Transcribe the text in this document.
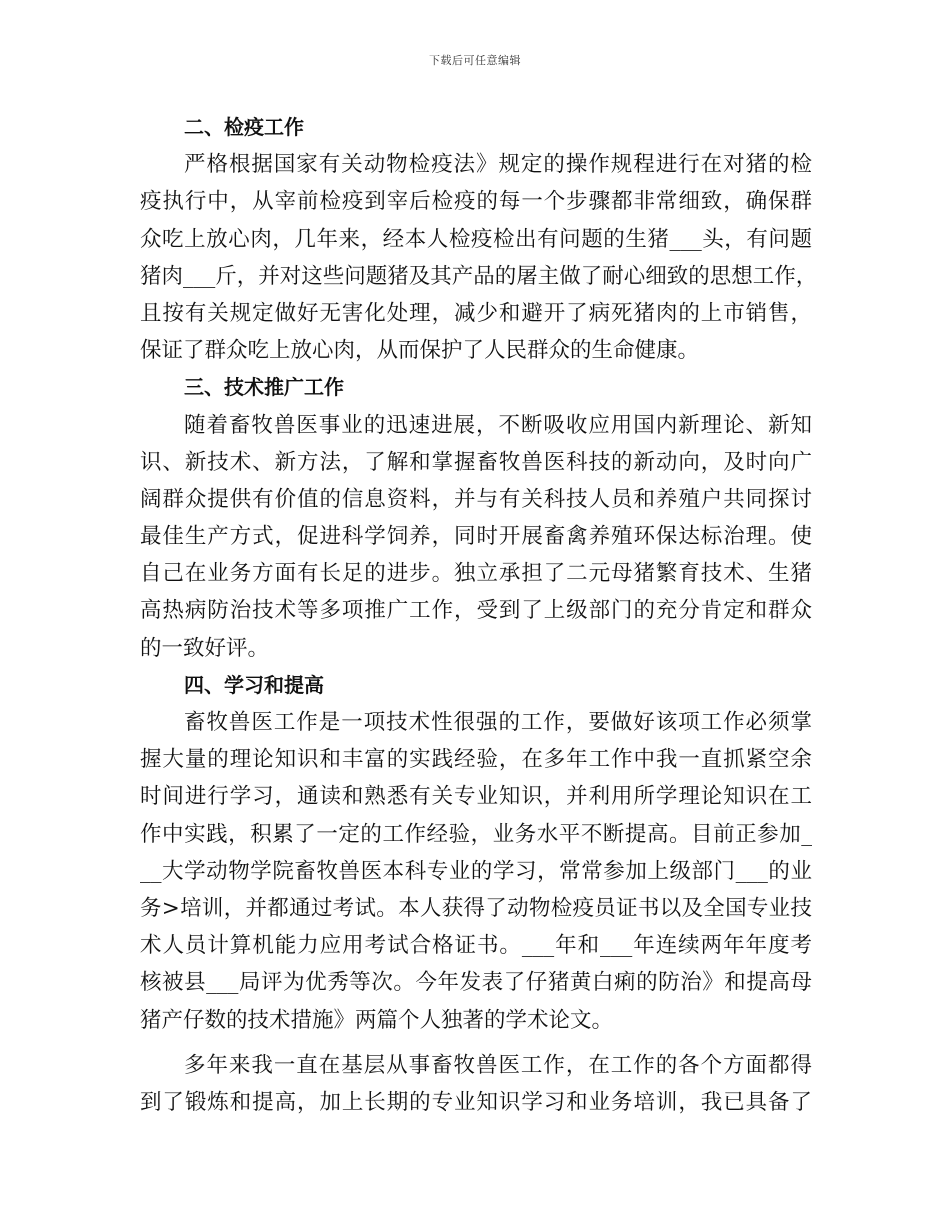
下载后可任意编辑
二、检疫工作
严格根据国家有关动物检疫法》规定的操作规程进行在对猪的检
疫执行中，从宰前检疫到宰后检疫的每一个步骤都非常细致，确保群
众吃上放心肉，几年来，经本人检疫检出有问题的生猪___头，有问题
猪肉___斤，并对这些问题猪及其产品的屠主做了耐心细致的思想工作，
且按有关规定做好无害化处理，减少和避开了病死猪肉的上市销售，
保证了群众吃上放心肉，从而保护了人民群众的生命健康。
三、技术推广工作
随着畜牧兽医事业的迅速进展，不断吸收应用国内新理论、新知
识、新技术、新方法，了解和掌握畜牧兽医科技的新动向，及时向广
阔群众提供有价值的信息资料，并与有关科技人员和养殖户共同探讨
最佳生产方式，促进科学饲养，同时开展畜禽养殖环保达标治理。使
自己在业务方面有长足的进步。独立承担了二元母猪繁育技术、生猪
高热病防治技术等多项推广工作，受到了上级部门的充分肯定和群众
的一致好评。
四、学习和提高
畜牧兽医工作是一项技术性很强的工作，要做好该项工作必须掌
握大量的理论知识和丰富的实践经验，在多年工作中我一直抓紧空余
时间进行学习，通读和熟悉有关专业知识，并利用所学理论知识在工
作中实践，积累了一定的工作经验，业务水平不断提高。目前正参加_
__大学动物学院畜牧兽医本科专业的学习，常常参加上级部门___的业
务>培训，并都通过考试。本人获得了动物检疫员证书以及全国专业技
术人员计算机能力应用考试合格证书。___年和___年连续两年年度考
核被县___局评为优秀等次。今年发表了仔猪黄白痢的防治》和提高母
猪产仔数的技术措施》两篇个人独著的学术论文。
多年来我一直在基层从事畜牧兽医工作，在工作的各个方面都得
到了锻炼和提高，加上长期的专业知识学习和业务培训，我已具备了
